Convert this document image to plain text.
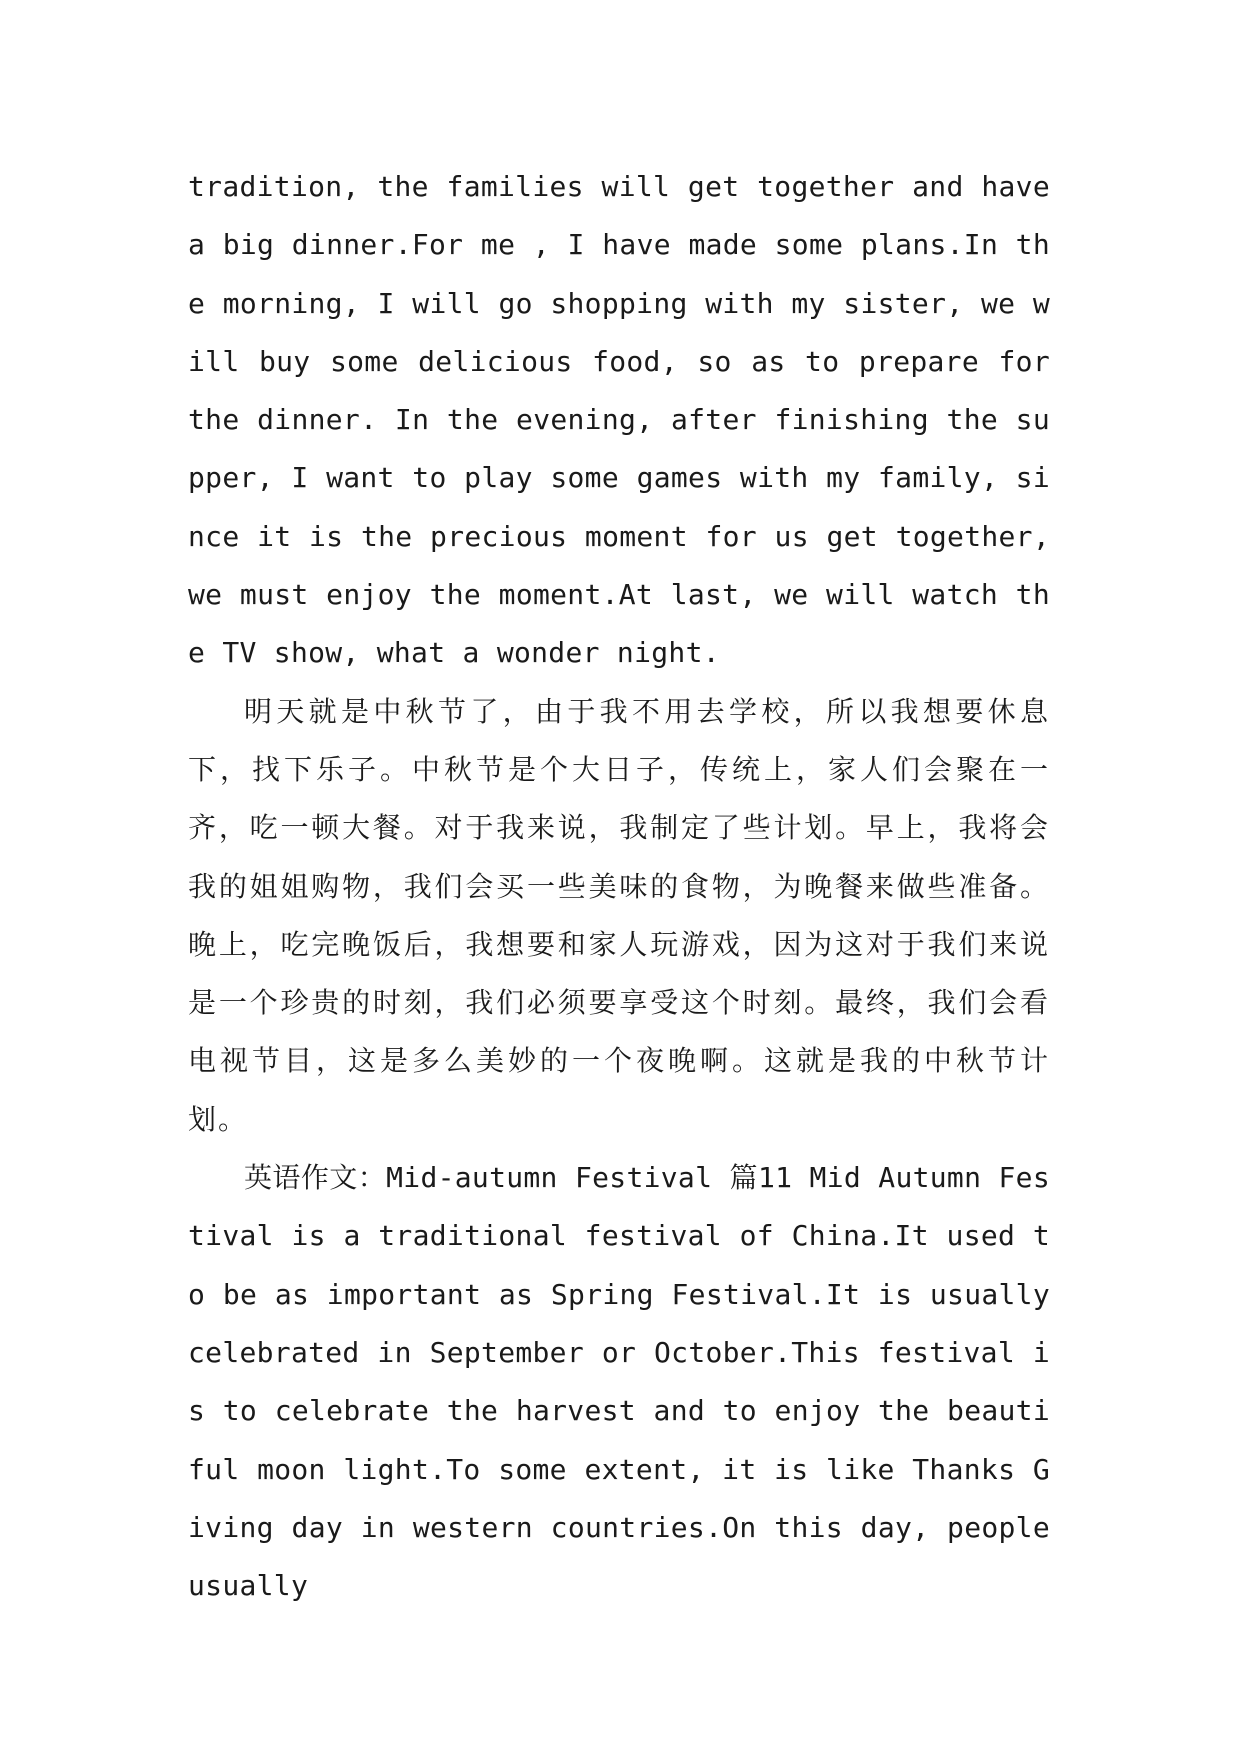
tradition, the families will get together and have a big dinner.For me , I have made some plans.In the morning, I will go shopping with my sister, we will buy some delicious food, so as to prepare for the dinner. In the evening, after finishing the supper, I want to play some games with my family, since it is the precious moment for us get together, we must enjoy the moment.At last, we will watch the TV show, what a wonder night.

明天就是中秋节了，由于我不用去学校，所以我想要休息下，找下乐子。中秋节是个大日子，传统上，家人们会聚在一齐，吃一顿大餐。对于我来说，我制定了些计划。早上，我将会我的姐姐购物，我们会买一些美味的食物，为晚餐来做些准备。晚上，吃完晚饭后，我想要和家人玩游戏，因为这对于我们来说是一个珍贵的时刻，我们必须要享受这个时刻。最终，我们会看电视节目，这是多么美妙的一个夜晚啊。这就是我的中秋节计划。

英语作文：Mid-autumn Festival 篇11 Mid Autumn Festival is a traditional festival of China.It used to be as important as Spring Festival.It is usually celebrated in September or October.This festival is to celebrate the harvest and to enjoy the beautiful moon light.To some extent, it is like Thanks Giving day in western countries.On this day, people usually
